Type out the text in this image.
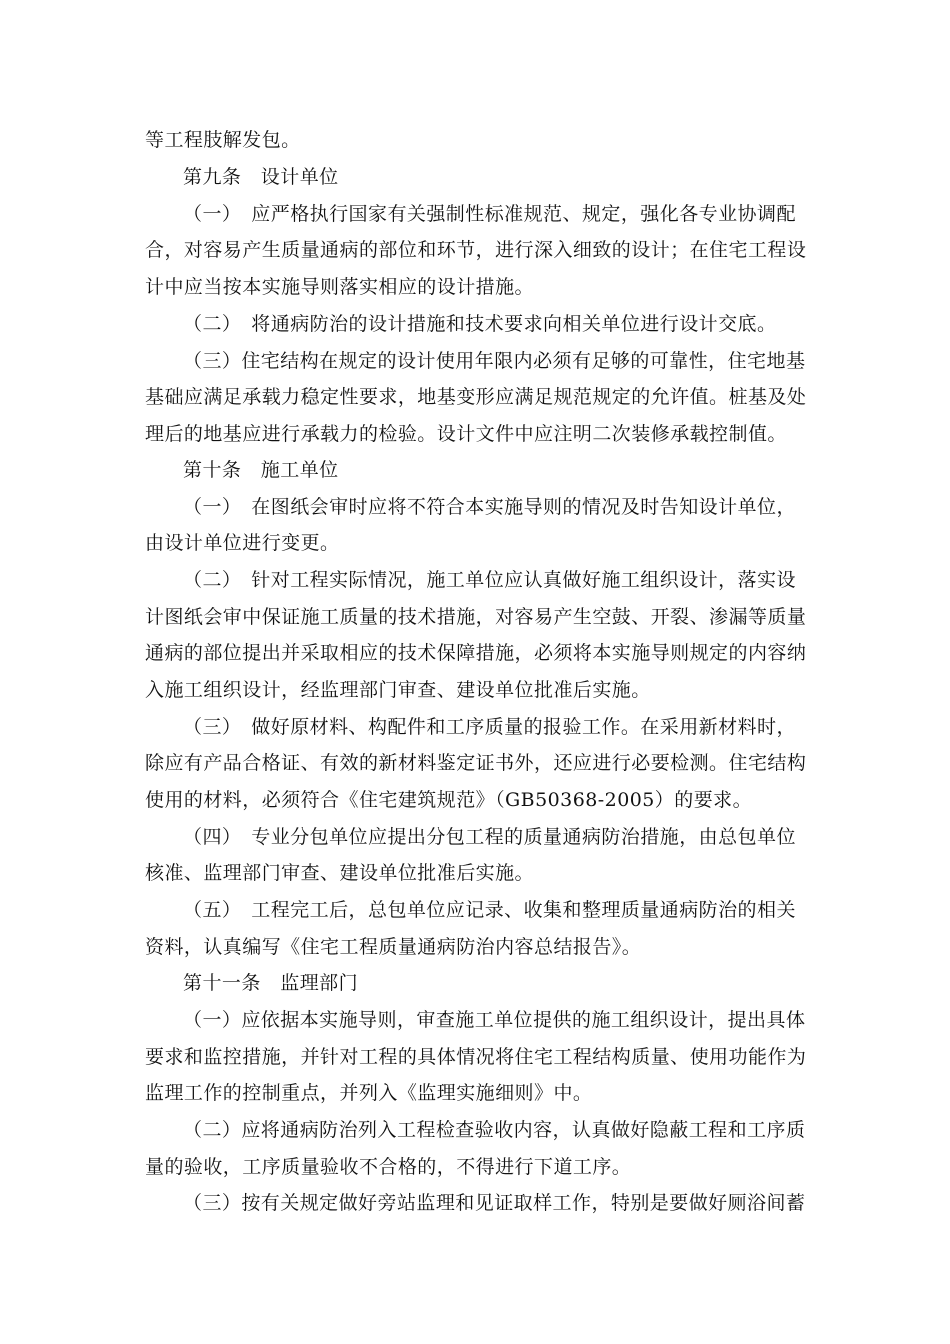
等工程肢解发包。
第九条　设计单位
（一）　应严格执行国家有关强制性标准规范、规定，强化各专业协调配
合，对容易产生质量通病的部位和环节，进行深入细致的设计；在住宅工程设
计中应当按本实施导则落实相应的设计措施。
（二）　将通病防治的设计措施和技术要求向相关单位进行设计交底。
（三）住宅结构在规定的设计使用年限内必须有足够的可靠性，住宅地基
基础应满足承载力稳定性要求，地基变形应满足规范规定的允许值。桩基及处
理后的地基应进行承载力的检验。设计文件中应注明二次装修承载控制值。
第十条　施工单位
（一）　在图纸会审时应将不符合本实施导则的情况及时告知设计单位，
由设计单位进行变更。
（二）　针对工程实际情况，施工单位应认真做好施工组织设计，落实设
计图纸会审中保证施工质量的技术措施，对容易产生空鼓、开裂、渗漏等质量
通病的部位提出并采取相应的技术保障措施，必须将本实施导则规定的内容纳
入施工组织设计，经监理部门审查、建设单位批准后实施。
（三）　做好原材料、构配件和工序质量的报验工作。在采用新材料时，
除应有产品合格证、有效的新材料鉴定证书外，还应进行必要检测。住宅结构
使用的材料，必须符合《住宅建筑规范》（GB50368-2005）的要求。
（四）　专业分包单位应提出分包工程的质量通病防治措施，由总包单位
核准、监理部门审查、建设单位批准后实施。
（五）　工程完工后，总包单位应记录、收集和整理质量通病防治的相关
资料，认真编写《住宅工程质量通病防治内容总结报告》。
第十一条　监理部门
（一）应依据本实施导则，审查施工单位提供的施工组织设计，提出具体
要求和监控措施，并针对工程的具体情况将住宅工程结构质量、使用功能作为
监理工作的控制重点，并列入《监理实施细则》中。
（二）应将通病防治列入工程检查验收内容，认真做好隐蔽工程和工序质
量的验收，工序质量验收不合格的，不得进行下道工序。
（三）按有关规定做好旁站监理和见证取样工作，特别是要做好厕浴间蓄
